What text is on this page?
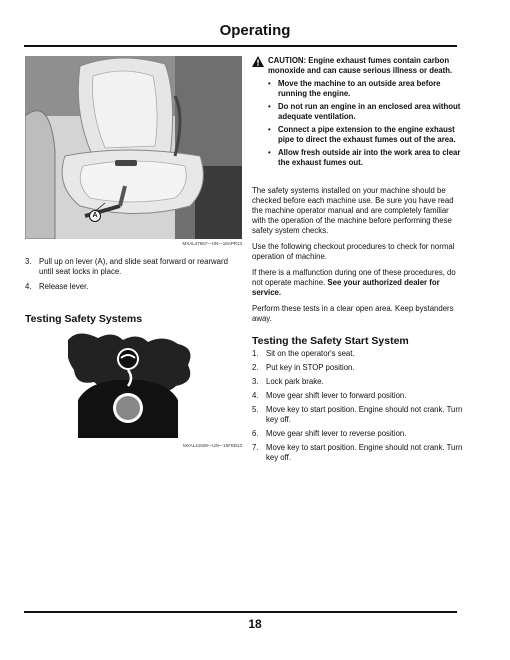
Operating
A
MXAL47667—UN—18APR13
3. Pull up on lever (A), and slide seat forward or rearward until seat locks in place.
4. Release lever.
Testing Safety Systems
MXAL41528—UN—15FEB13
CAUTION: Engine exhaust fumes contain carbon monoxide and can cause serious illness or death.
• Move the machine to an outside area before running the engine.
• Do not run an engine in an enclosed area without adequate ventilation.
• Connect a pipe extension to the engine exhaust pipe to direct the exhaust fumes out of the area.
• Allow fresh outside air into the work area to clear the exhaust fumes out.

The safety systems installed on your machine should be checked before each machine use. Be sure you have read the machine operator manual and are completely familiar with the operation of the machine before performing these safety system checks.

Use the following checkout procedures to check for normal operation of machine.

If there is a malfunction during one of these procedures, do not operate machine. See your authorized dealer for service.

Perform these tests in a clear open area. Keep bystanders away.

Testing the Safety Start System
1. Sit on the operator's seat.
2. Put key in STOP position.
3. Lock park brake.
4. Move gear shift lever to forward position.
5. Move key to start position. Engine should not crank. Turn key off.
6. Move gear shift lever to reverse position.
7. Move key to start position. Engine should not crank. Turn key off.
18
